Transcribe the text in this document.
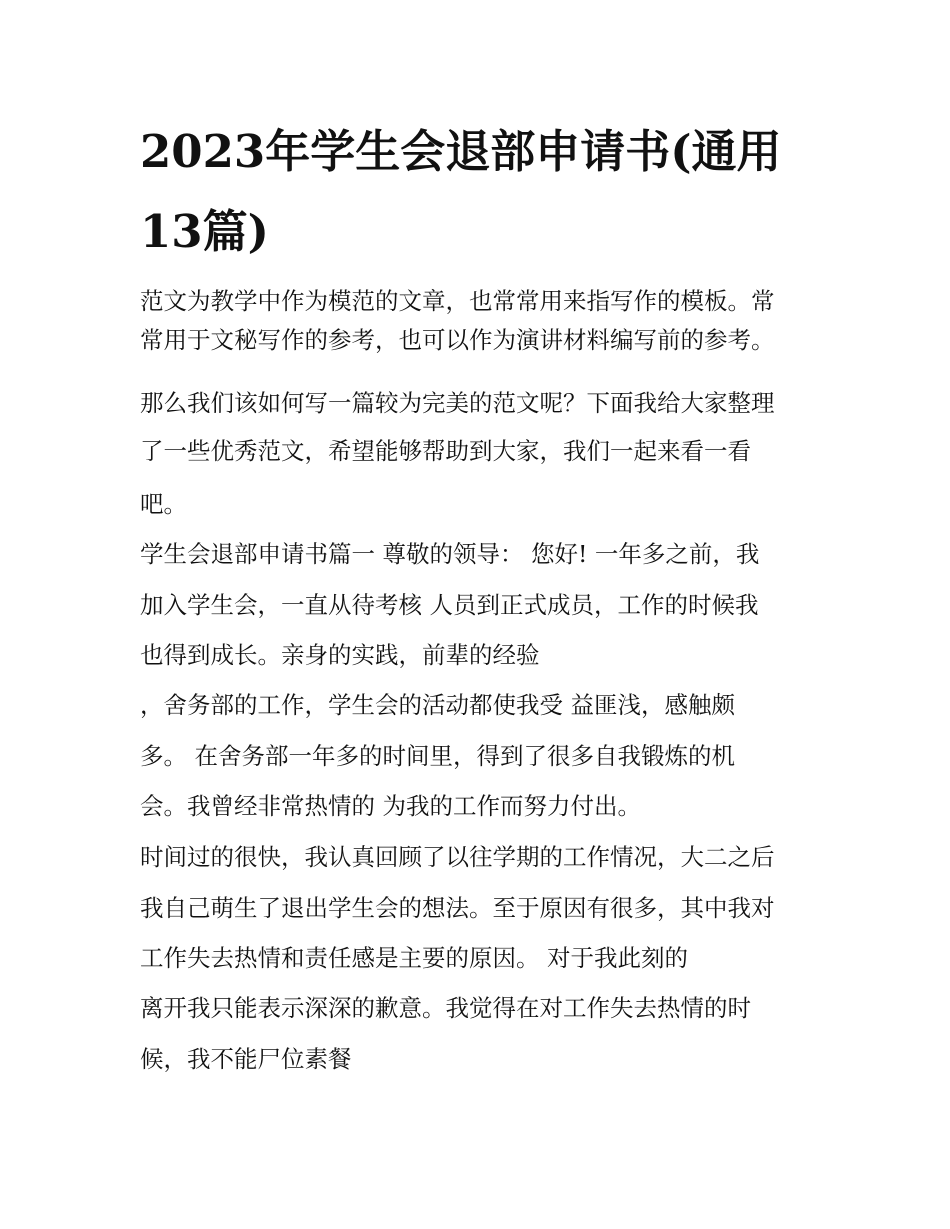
2023年学生会退部申请书(通用13篇)

范文为教学中作为模范的文章，也常常用来指写作的模板。常

常用于文秘写作的参考，也可以作为演讲材料编写前的参考。

那么我们该如何写一篇较为完美的范文呢？下面我给大家整理

了一些优秀范文，希望能够帮助到大家，我们一起来看一看

吧。

学生会退部申请书篇一 尊敬的领导： 您好! 一年多之前，我

加入学生会，一直从待考核 人员到正式成员，工作的时候我

也得到成长。亲身的实践，前辈的经验

，舍务部的工作，学生会的活动都使我受 益匪浅，感触颇

多。 在舍务部一年多的时间里，得到了很多自我锻炼的机

会。我曾经非常热情的 为我的工作而努力付出。

时间过的很快，我认真回顾了以往学期的工作情况，大二之后

我自己萌生了退出学生会的想法。至于原因有很多，其中我对

工作失去热情和责任感是主要的原因。 对于我此刻的

离开我只能表示深深的歉意。我觉得在对工作失去热情的时

候，我不能尸位素餐
